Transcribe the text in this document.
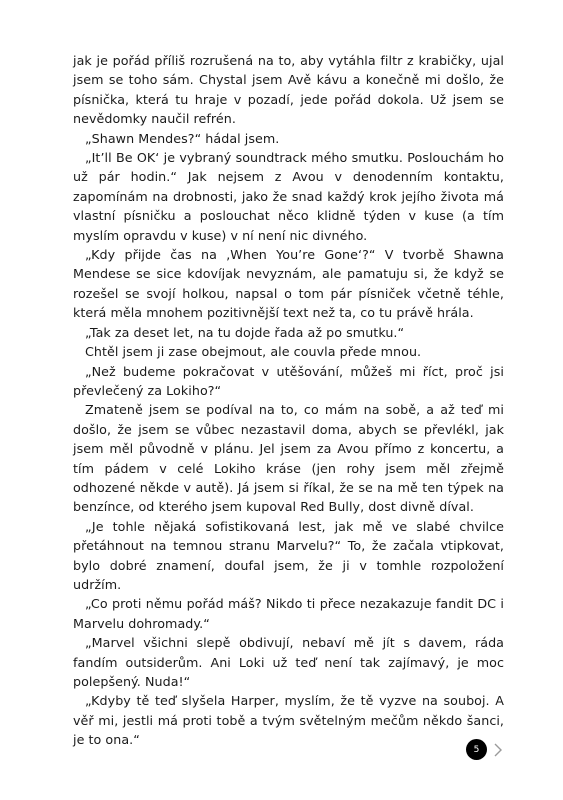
jak je pořád příliš rozrušená na to, aby vytáhla filtr z krabičky, ujal jsem se toho sám. Chystal jsem Avě kávu a konečně mi došlo, že písnička, která tu hraje v pozadí, jede pořád dokola. Už jsem se nevědomky naučil refrén.

„Shawn Mendes?“ hádal jsem.

„It’ll Be OK‘ je vybraný soundtrack mého smutku. Poslouchám ho už pár hodin.“ Jak nejsem z Avou v denodenním kontaktu, zapomínám na drobnosti, jako že snad každý krok jejího života má vlastní písničku a poslouchat něco klidně týden v kuse (a tím myslím opravdu v kuse) v ní není nic divného.

„Kdy přijde čas na ‚When You’re Gone‘?“ V tvorbě Shawna Mendese se sice kdovíjak nevyznám, ale pamatuju si, že když se rozešel se svojí holkou, napsal o tom pár písniček včetně téhle, která měla mnohem pozitivnější text než ta, co tu právě hrála.

„Tak za deset let, na tu dojde řada až po smutku.“

Chtěl jsem ji zase obejmout, ale couvla přede mnou.

„Než budeme pokračovat v utěšování, můžeš mi říct, proč jsi převlečený za Lokiho?“

Zmateně jsem se podíval na to, co mám na sobě, a až teď mi došlo, že jsem se vůbec nezastavil doma, abych se převlékl, jak jsem měl původně v plánu. Jel jsem za Avou přímo z koncertu, a tím pádem v celé Lokiho kráse (jen rohy jsem měl zřejmě odhozené někde v autě). Já jsem si říkal, že se na mě ten týpek na benzínce, od kterého jsem kupoval Red Bully, dost divně díval.

„Je tohle nějaká sofistikovaná lest, jak mě ve slabé chvilce přetáhnout na temnou stranu Marvelu?“ To, že začala vtipkovat, bylo dobré znamení, doufal jsem, že ji v tomhle rozpoložení udržím.

„Co proti němu pořád máš? Nikdo ti přece nezakazuje fandit DC i Marvelu dohromady.“

„Marvel všichni slepě obdivují, nebaví mě jít s davem, ráda fandím outsiderům. Ani Loki už teď není tak zajímavý, je moc polepšený. Nuda!“

„Kdyby tě teď slyšela Harper, myslím, že tě vyzve na souboj. A věř mi, jestli má proti tobě a tvým světelným mečům někdo šanci, je to ona.“

5
